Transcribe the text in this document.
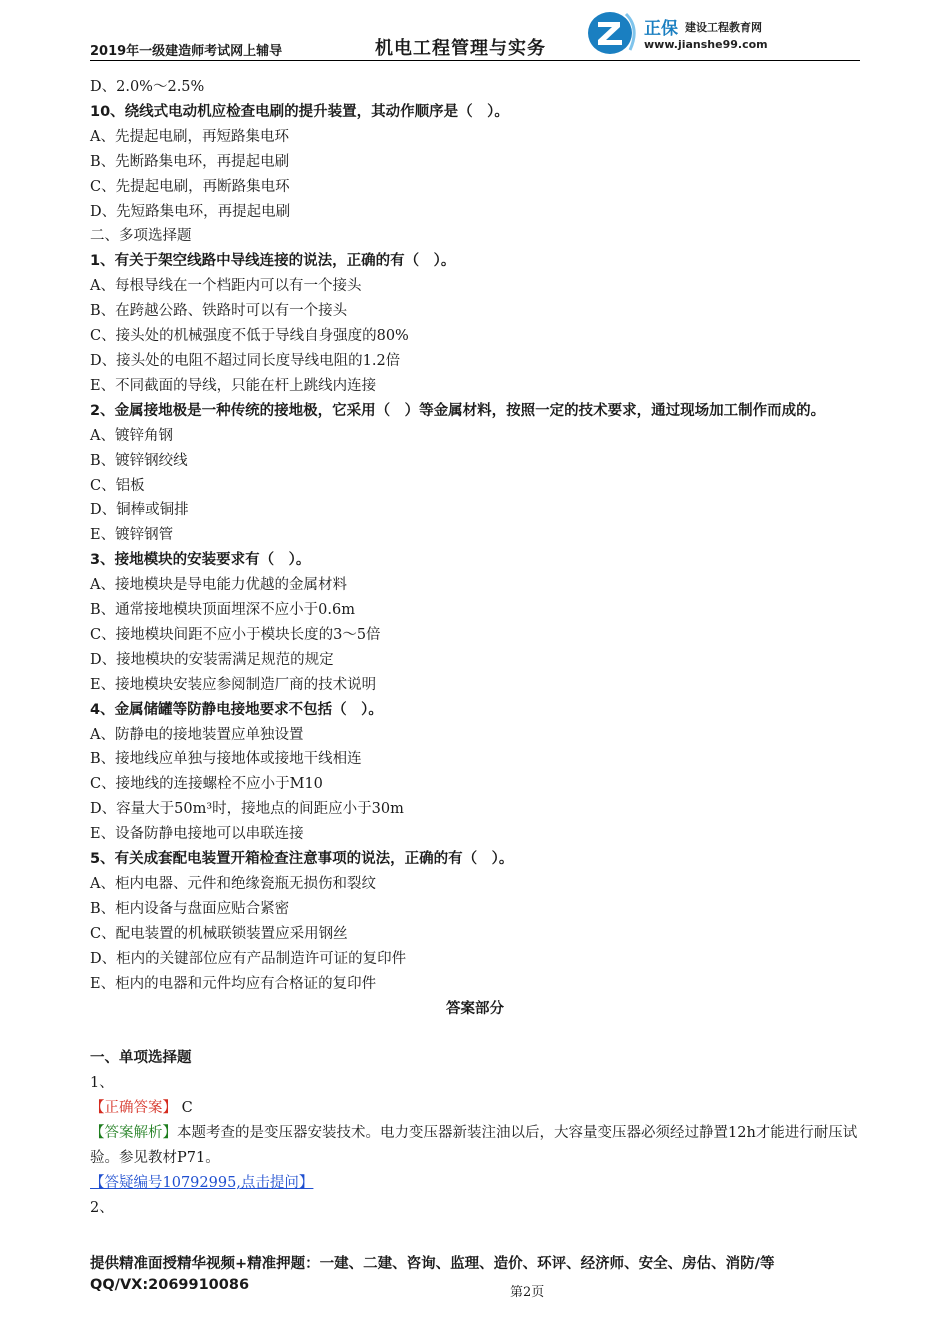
2019年一级建造师考试网上辅导	机电工程管理与实务
正保 建设工程教育网
www.jianshe99.com
D、2.0%～2.5%
10、绕线式电动机应检查电刷的提升装置，其动作顺序是（　）。
A、先提起电刷，再短路集电环
B、先断路集电环，再提起电刷
C、先提起电刷，再断路集电环
D、先短路集电环，再提起电刷
二、多项选择题
1、有关于架空线路中导线连接的说法，正确的有（　）。
A、每根导线在一个档距内可以有一个接头
B、在跨越公路、铁路时可以有一个接头
C、接头处的机械强度不低于导线自身强度的80%
D、接头处的电阻不超过同长度导线电阻的1.2倍
E、不同截面的导线，只能在杆上跳线内连接
2、金属接地极是一种传统的接地极，它采用（　）等金属材料，按照一定的技术要求，通过现场加工制作而成的。
A、镀锌角钢
B、镀锌钢绞线
C、铝板
D、铜棒或铜排
E、镀锌钢管
3、接地模块的安装要求有（　）。
A、接地模块是导电能力优越的金属材料
B、通常接地模块顶面埋深不应小于0.6m
C、接地模块间距不应小于模块长度的3～5倍
D、接地模块的安装需满足规范的规定
E、接地模块安装应参阅制造厂商的技术说明
4、金属储罐等防静电接地要求不包括（　）。
A、防静电的接地装置应单独设置
B、接地线应单独与接地体或接地干线相连
C、接地线的连接螺栓不应小于M10
D、容量大于50m³时，接地点的间距应小于30m
E、设备防静电接地可以串联连接
5、有关成套配电装置开箱检查注意事项的说法，正确的有（　）。
A、柜内电器、元件和绝缘瓷瓶无损伤和裂纹
B、柜内设备与盘面应贴合紧密
C、配电装置的机械联锁装置应采用钢丝
D、柜内的关键部位应有产品制造许可证的复印件
E、柜内的电器和元件均应有合格证的复印件
答案部分
一、单项选择题
1、
【正确答案】 C
【答案解析】本题考查的是变压器安装技术。电力变压器新装注油以后，大容量变压器必须经过静置12h才能进行耐压试验。参见教材P71。
【答疑编号10792995,点击提问】
2、
提供精准面授精华视频+精准押题：一建、二建、咨询、监理、造价、环评、经济师、安全、房估、消防/等
QQ/VX:2069910086	第2页
